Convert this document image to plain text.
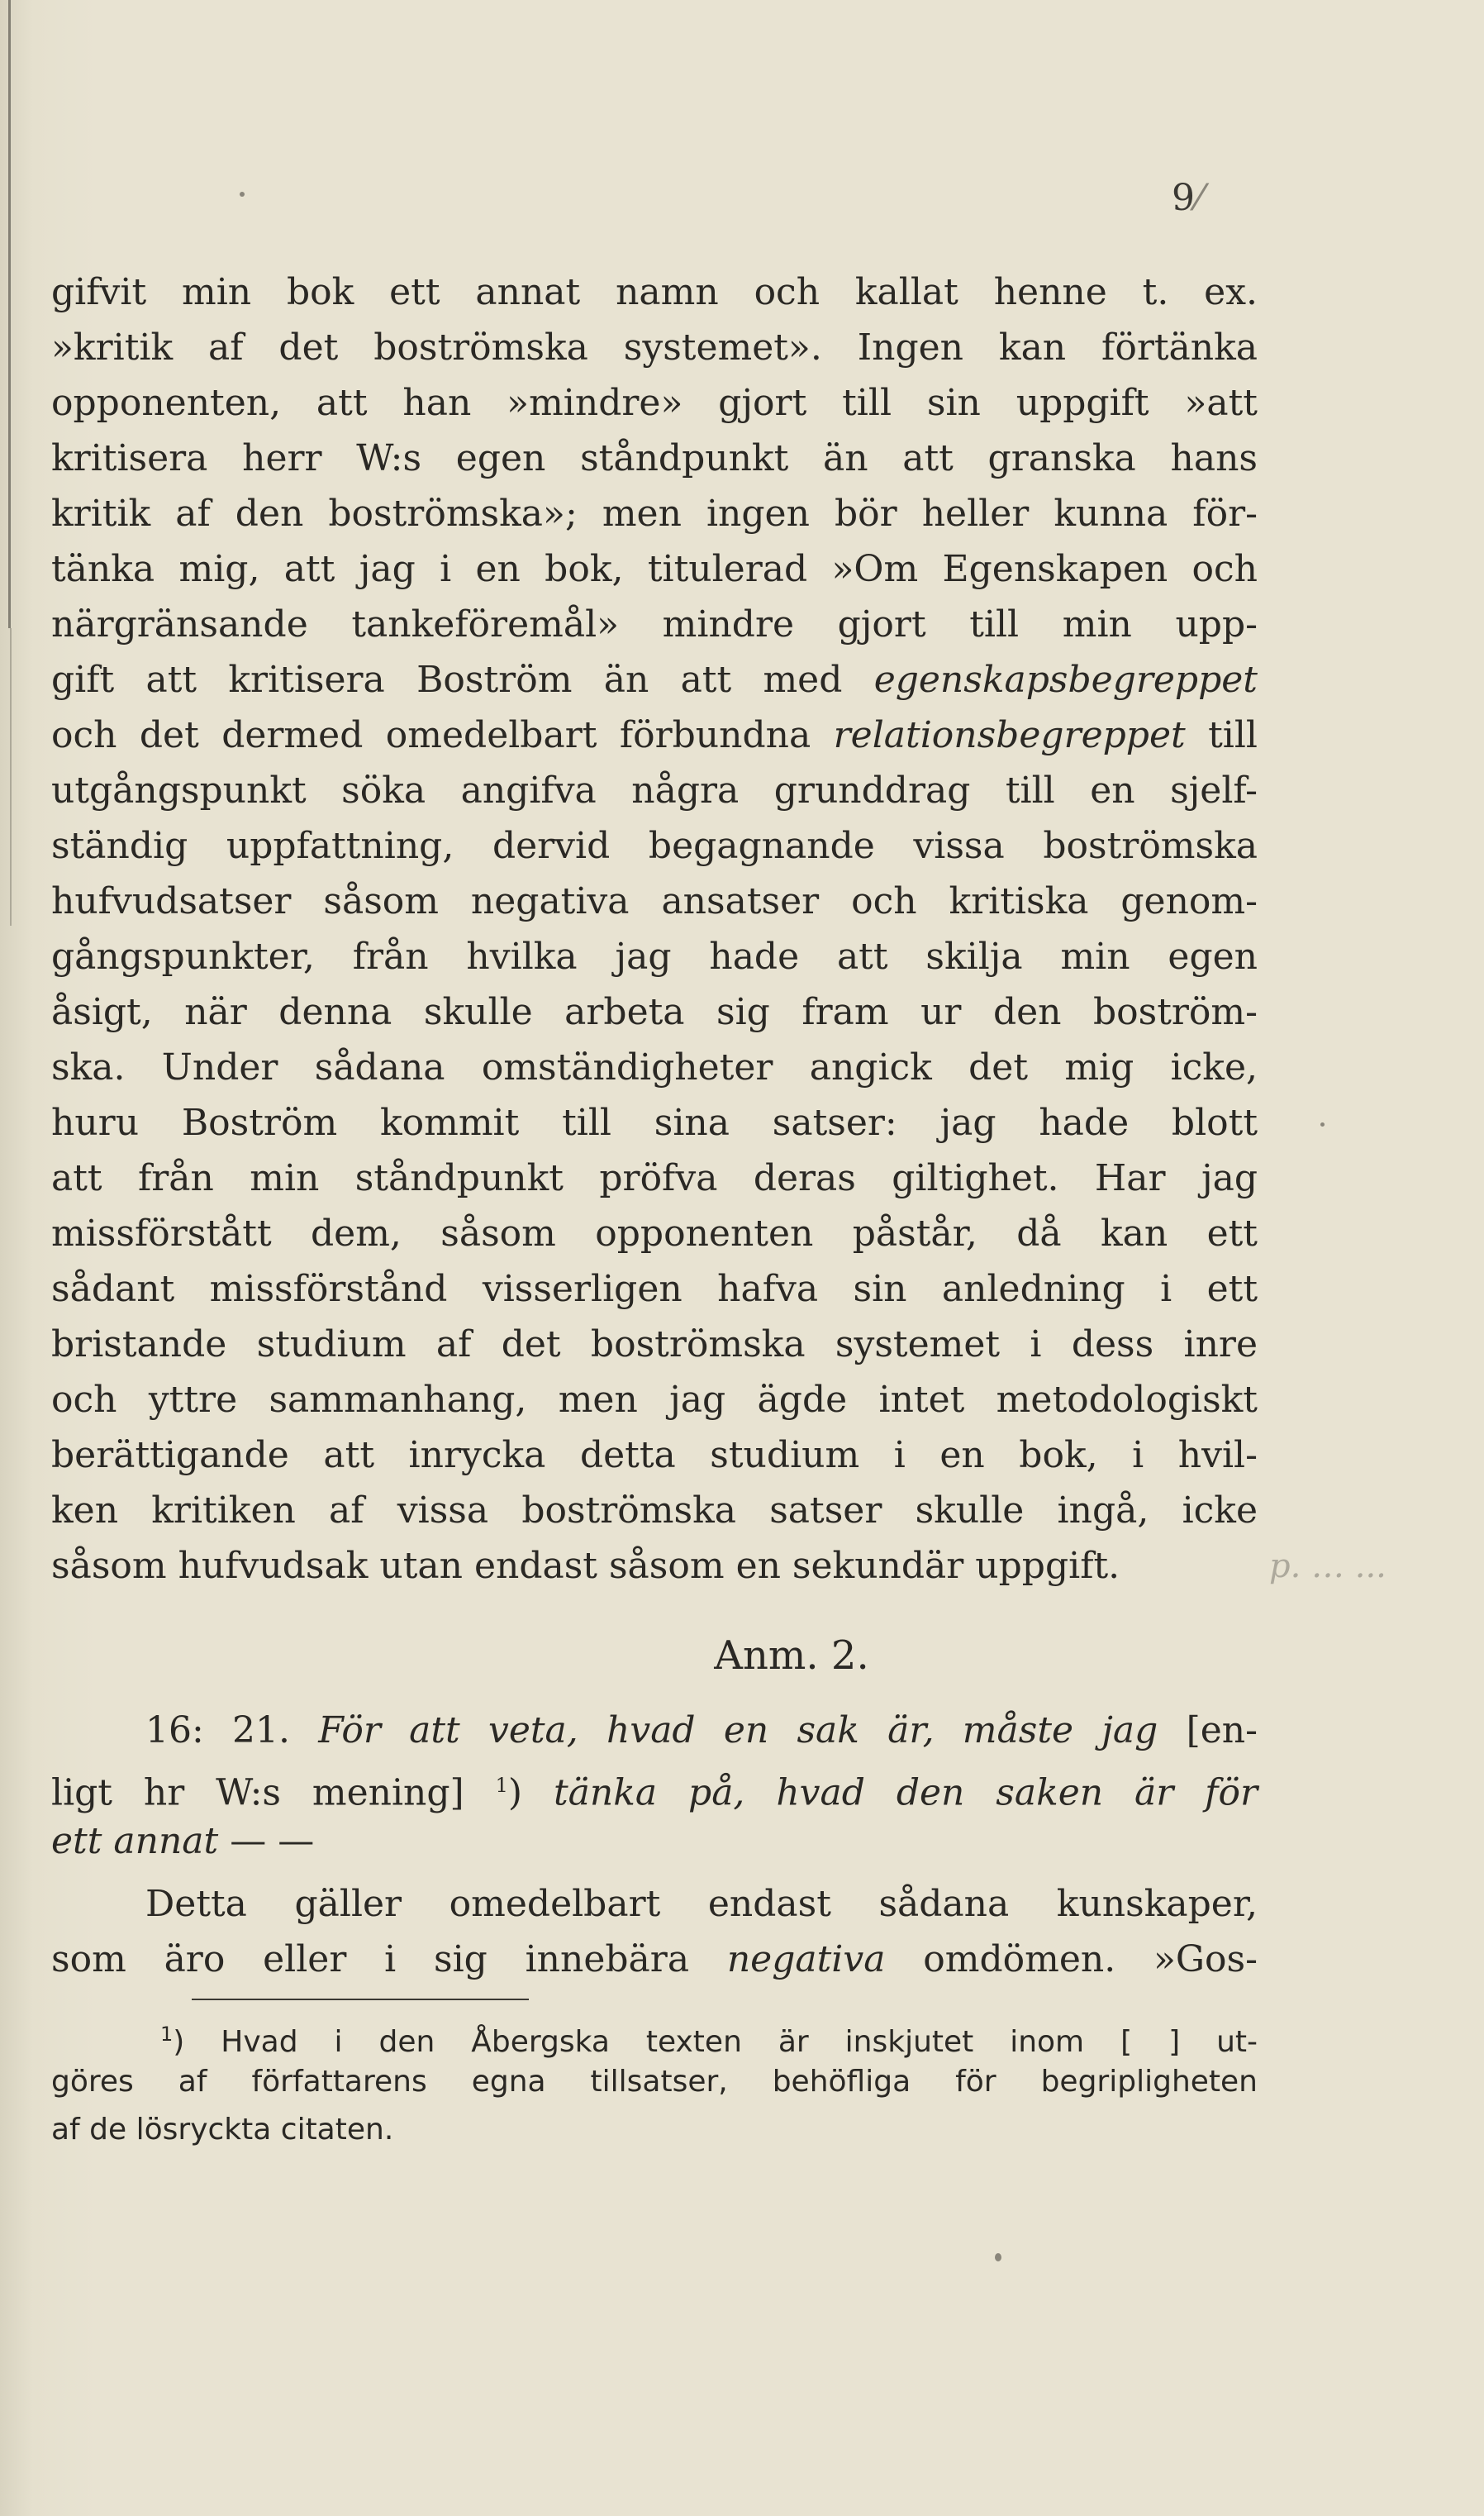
9 ⁄
gifvit min bok ett annat namn och kallat henne t. ex.
»kritik af det boströmska systemet». Ingen kan förtänka
opponenten, att han »mindre» gjort till sin uppgift »att
kritisera herr W:s egen ståndpunkt än att granska hans
kritik af den boströmska»; men ingen bör heller kunna för-
tänka mig, att jag i en bok, titulerad »Om Egenskapen och
närgränsande tankeföremål» mindre gjort till min upp-
gift att kritisera Boström än att med egenskapsbegreppet
och det dermed omedelbart förbundna relationsbegreppet till
utgångspunkt söka angifva några grunddrag till en sjelf-
ständig uppfattning, dervid begagnande vissa boströmska
hufvudsatser såsom negativa ansatser och kritiska genom-
gångspunkter, från hvilka jag hade att skilja min egen
åsigt, när denna skulle arbeta sig fram ur den boström-
ska. Under sådana omständigheter angick det mig icke,
huru Boström kommit till sina satser: jag hade blott
att från min ståndpunkt pröfva deras giltighet. Har jag
missförstått dem, såsom opponenten påstår, då kan ett
sådant missförstånd visserligen hafva sin anledning i ett
bristande studium af det boströmska systemet i dess inre
och yttre sammanhang, men jag ägde intet metodologiskt
berättigande att inrycka detta studium i en bok, i hvil-
ken kritiken af vissa boströmska satser skulle ingå, icke
såsom hufvudsak utan endast såsom en sekundär uppgift.	p. … ...
Anm. 2.
16: 21. För att veta, hvad en sak är, måste jag [en-
ligt hr W:s mening] $^1$) tänka på, hvad den saken är för
ett annat — —
Detta gäller omedelbart endast sådana kunskaper,
som äro eller i sig innebära negativa omdömen. »Gos-
$^1$) Hvad i den Åbergska texten är inskjutet inom [ ] ut-
göres af författarens egna tillsatser, behöfliga för begripligheten
af de lösryckta citaten.
